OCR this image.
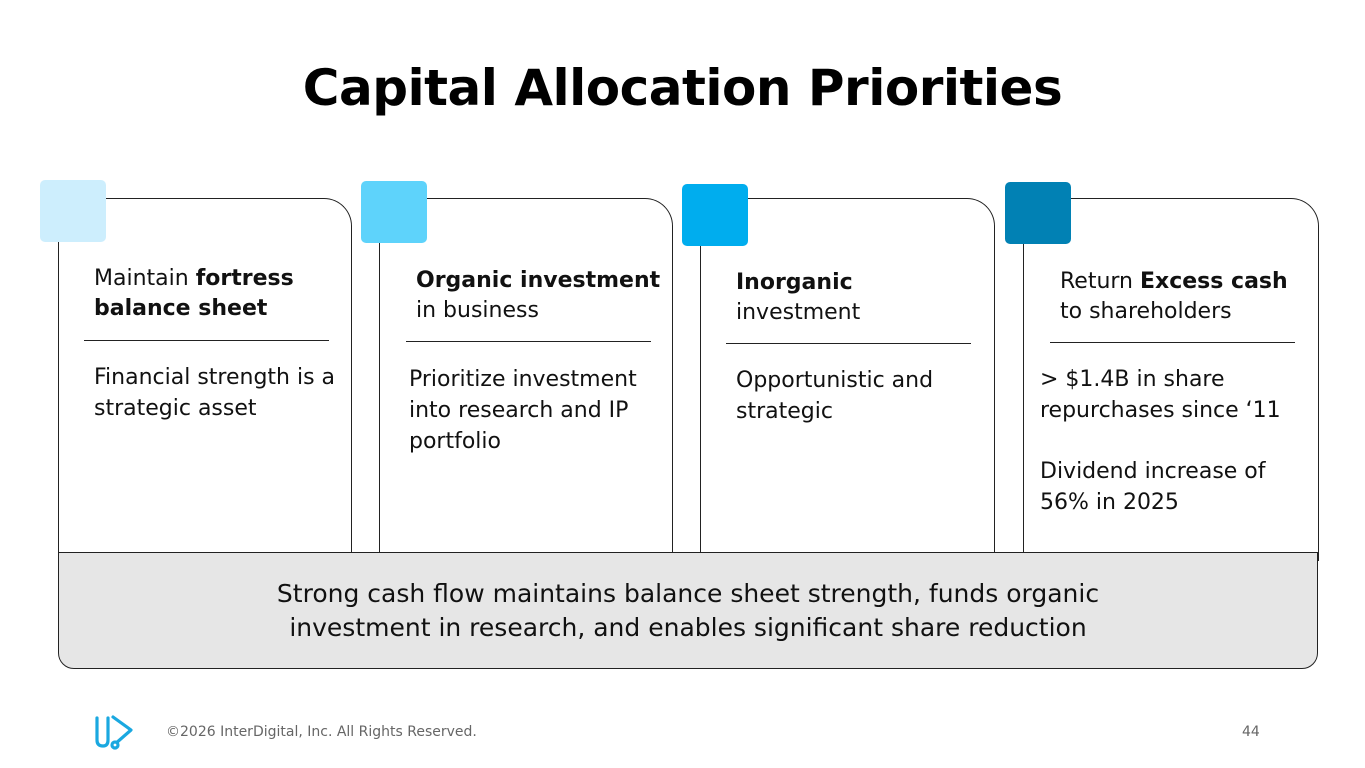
Capital Allocation Priorities
Maintain fortress balance sheet

Financial strength is a strategic asset

Organic investment in business

Prioritize investment into research and IP portfolio

Inorganic investment

Opportunistic and strategic

Return Excess cash to shareholders

> $1.4B in share repurchases since ‘11

Dividend increase of 56% in 2025

Strong cash flow maintains balance sheet strength, funds organic investment in research, and enables significant share reduction
©2026 InterDigital, Inc. All Rights Reserved.	44
